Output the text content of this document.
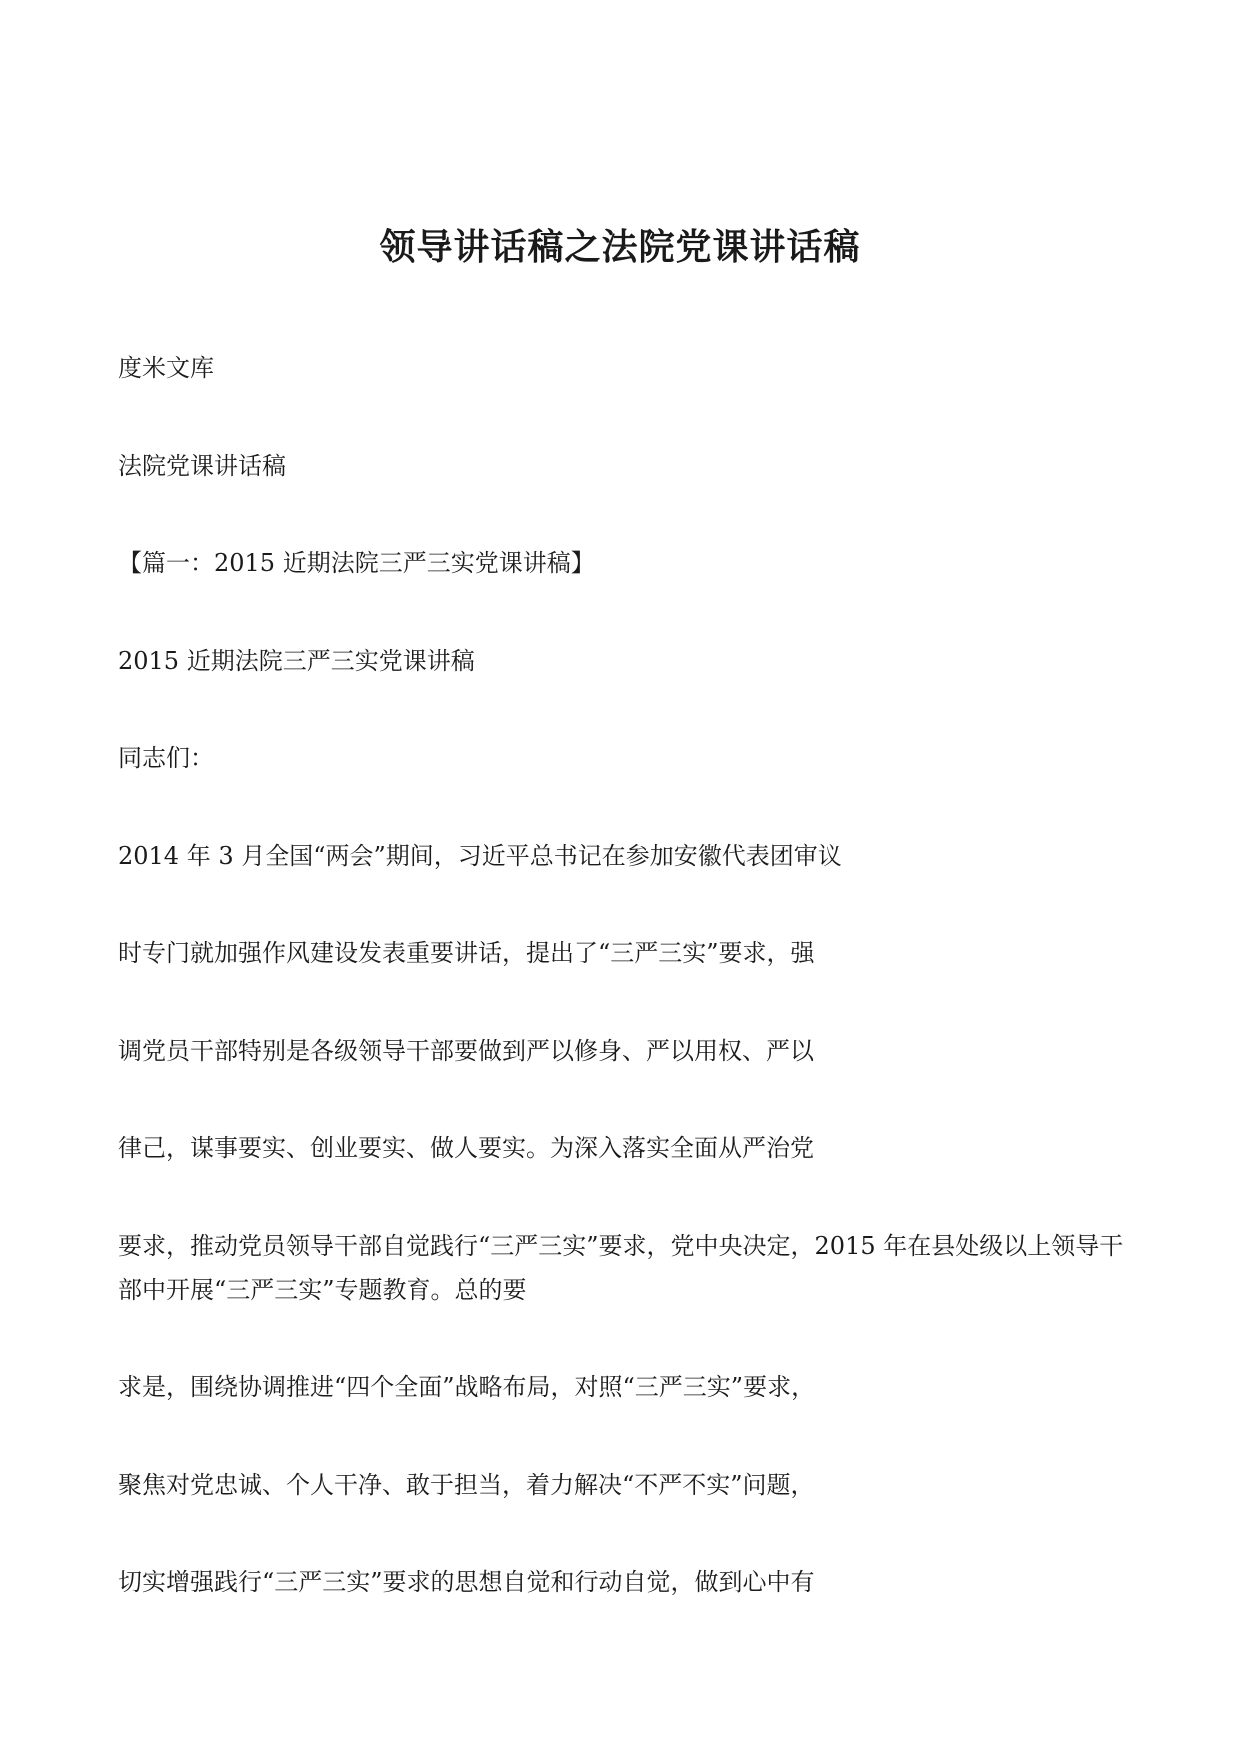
领导讲话稿之法院党课讲话稿

度米文库

法院党课讲话稿

【篇一：2015 近期法院三严三实党课讲稿】

2015 近期法院三严三实党课讲稿

同志们：

2014 年 3 月全国“两会”期间，习近平总书记在参加安徽代表团审议

时专门就加强作风建设发表重要讲话，提出了“三严三实”要求，强

调党员干部特别是各级领导干部要做到严以修身、严以用权、严以

律己，谋事要实、创业要实、做人要实。为深入落实全面从严治党

要求，推动党员领导干部自觉践行“三严三实”要求，党中央决定，2015 年在县处级以上领导干部中开展“三严三实”专题教育。总的要

求是，围绕协调推进“四个全面”战略布局，对照“三严三实”要求，

聚焦对党忠诚、个人干净、敢于担当，着力解决“不严不实”问题，

切实增强践行“三严三实”要求的思想自觉和行动自觉，做到心中有
